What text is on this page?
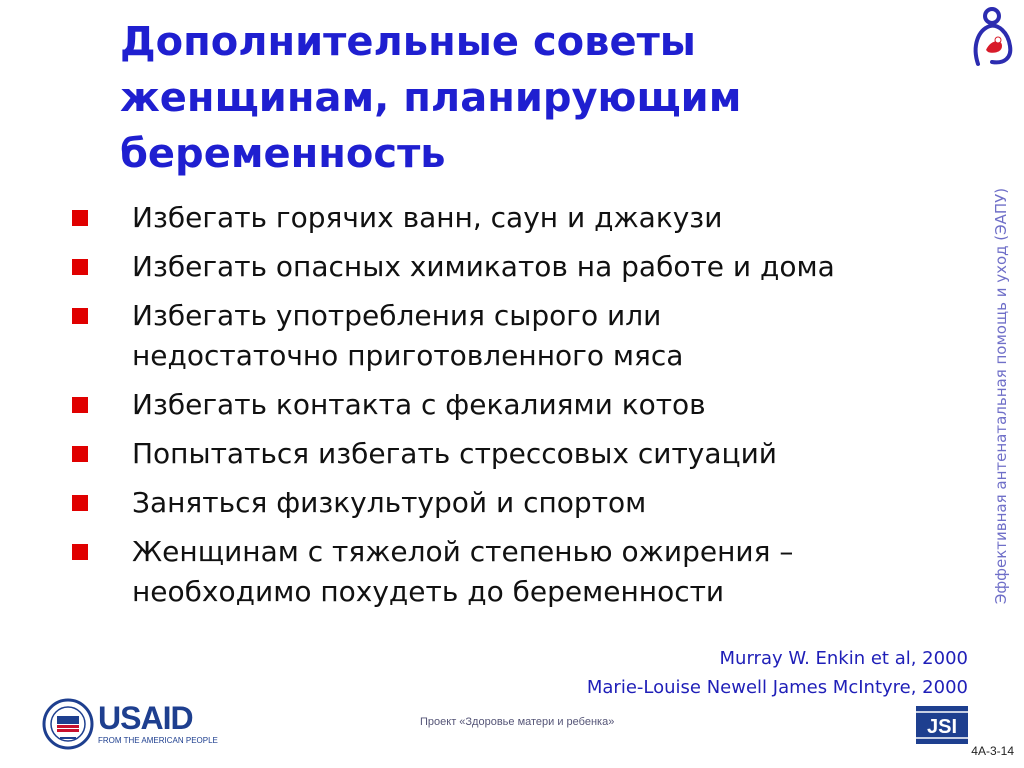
Дополнительные советы
женщинам, планирующим
беременность
Избегать горячих ванн, саун и джакузи
Избегать опасных химикатов на работе и дома
Избегать употребления сырого или
недостаточно приготовленного мяса
Избегать контакта с фекалиями котов
Попытаться избегать стрессовых ситуаций
Заняться физкультурой и спортом
Женщинам с тяжелой степенью ожирения –
необходимо похудеть до беременности
Murray W. Enkin et al, 2000
Marie-Louise Newell James McIntyre, 2000
Эффективная антенатальная помощь и уход (ЭАПУ)
USAID
FROM THE AMERICAN PEOPLE
Проект «Здоровье матери и ребенка»	JSI
4А-3-14
